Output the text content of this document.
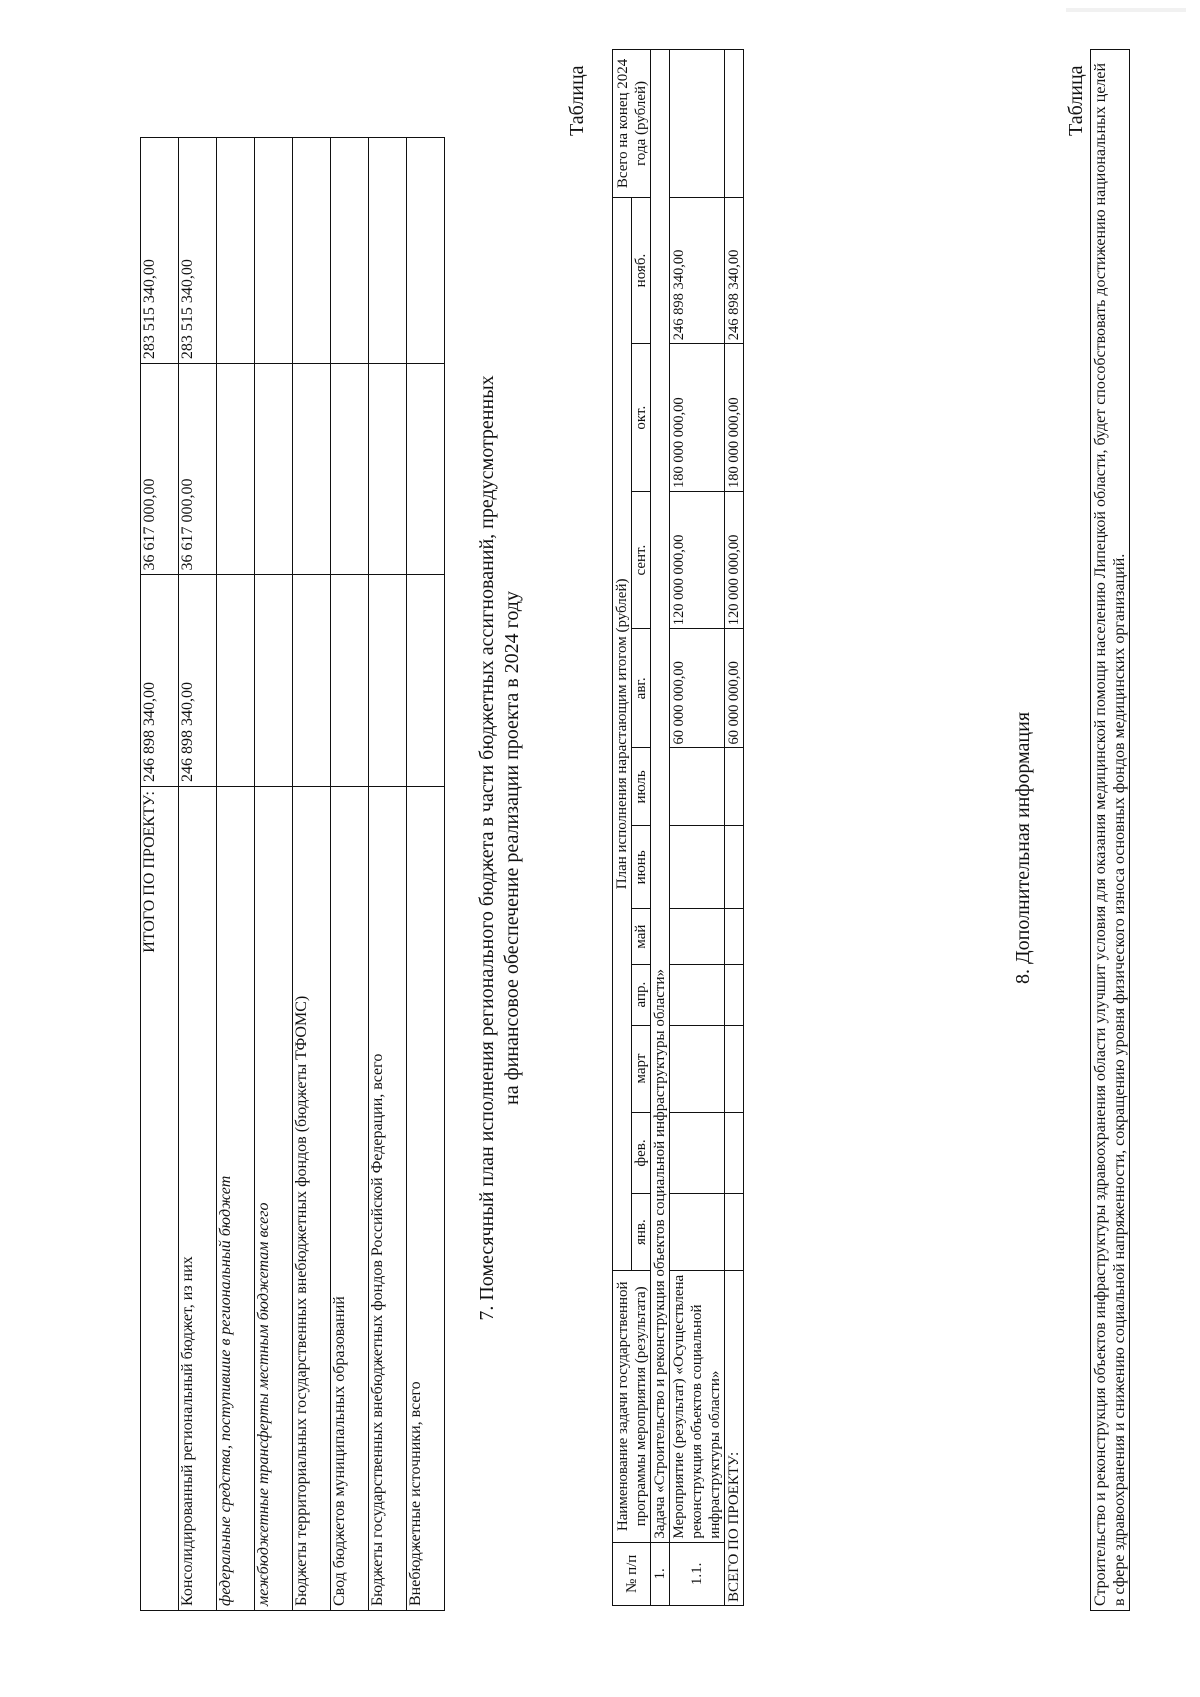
ИТОГО ПО ПРОЕКТУ:	246 898 340,00	36 617 000,00	283 515 340,00
Консолидированный региональный бюджет, из них	246 898 340,00	36 617 000,00	283 515 340,00
федеральные средства, поступившие в региональный бюджет			
межбюджетные трансферты местным бюджетам всего			
Бюджеты территориальных государственных внебюджетных фондов (бюджеты ТФОМС)			
Свод бюджетов муниципальных образований			
Бюджеты государственных внебюджетных фондов Российской Федерации, всего			
Внебюджетные источники, всего			
7. Помесячный план исполнения регионального бюджета в части бюджетных ассигнований, предусмотренных на финансовое обеспечение реализации проекта в 2024 году
Таблица
№ п/п	Наименование задачи государственной программы мероприятия (результата)	План исполнения нарастающим итогом (рублей)											Всего на конец 2024 года (рублей)
		янв.	фев.	март	апр.	май	июнь	июль	авг.	сент.	окт.	нояб.	
1.	Задача «Строительство и реконструкция объектов социальной инфраструктуры области»												
1.1.	Мероприятие (результат) «Осуществлена реконструкция объектов социальной инфраструктуры области»								60 000 000,00	120 000 000,00	180 000 000,00	246 898 340,00	
ВСЕГО ПО ПРОЕКТУ:									60 000 000,00	120 000 000,00	180 000 000,00	246 898 340,00	
8. Дополнительная информация
Таблица Строительство и реконструкция объектов инфраструктуры здравоохранения области улучшит условия для оказания медицинской помощи населению Липецкой области, будет способствовать достижению национальных целей в сфере здравоохранения и снижению социальной напряженности, сокращению уровня физического износа основных фондов медицинских организаций.
